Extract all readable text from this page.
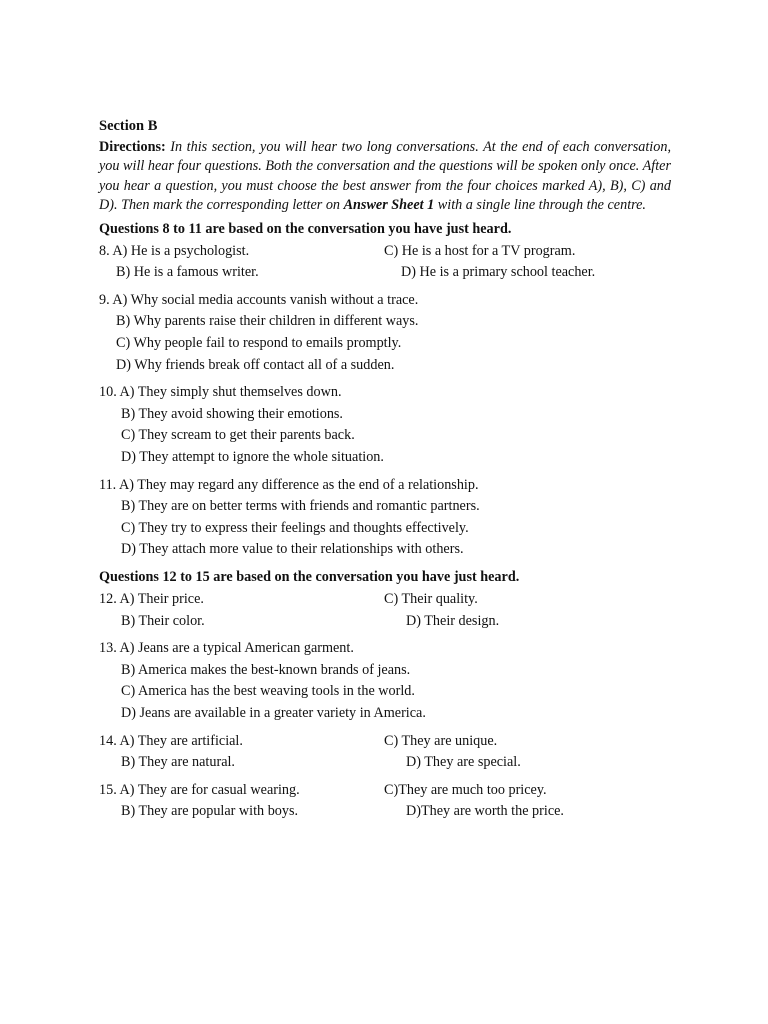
Section B

Directions: In this section, you will hear two long conversations. At the end of each conversation, you will hear four questions. Both the conversation and the questions will be spoken only once. After you hear a question, you must choose the best answer from the four choices marked A), B), C) and D). Then mark the corresponding letter on Answer Sheet 1 with a single line through the centre.

Questions 8 to 11 are based on the conversation you have just heard.
8. A) He is a psychologist.	C) He is a host for a TV program.
B) He is a famous writer.	D) He is a primary school teacher.
9. A) Why social media accounts vanish without a trace.
B) Why parents raise their children in different ways.
C) Why people fail to respond to emails promptly.
D) Why friends break off contact all of a sudden.
10. A) They simply shut themselves down.
B) They avoid showing their emotions.
C) They scream to get their parents back.
D) They attempt to ignore the whole situation.
11. A) They may regard any difference as the end of a relationship.
B) They are on better terms with friends and romantic partners.
C) They try to express their feelings and thoughts effectively.
D) They attach more value to their relationships with others.
Questions 12 to 15 are based on the conversation you have just heard.
12. A) Their price.	C) Their quality.
B) Their color.	D) Their design.
13. A) Jeans are a typical American garment.
B) America makes the best-known brands of jeans.
C) America has the best weaving tools in the world.
D) Jeans are available in a greater variety in America.
14. A) They are artificial.	C) They are unique.
B) They are natural.	D) They are special.
15. A) They are for casual wearing.	C)They are much too pricey.
B) They are popular with boys.	D)They are worth the price.
